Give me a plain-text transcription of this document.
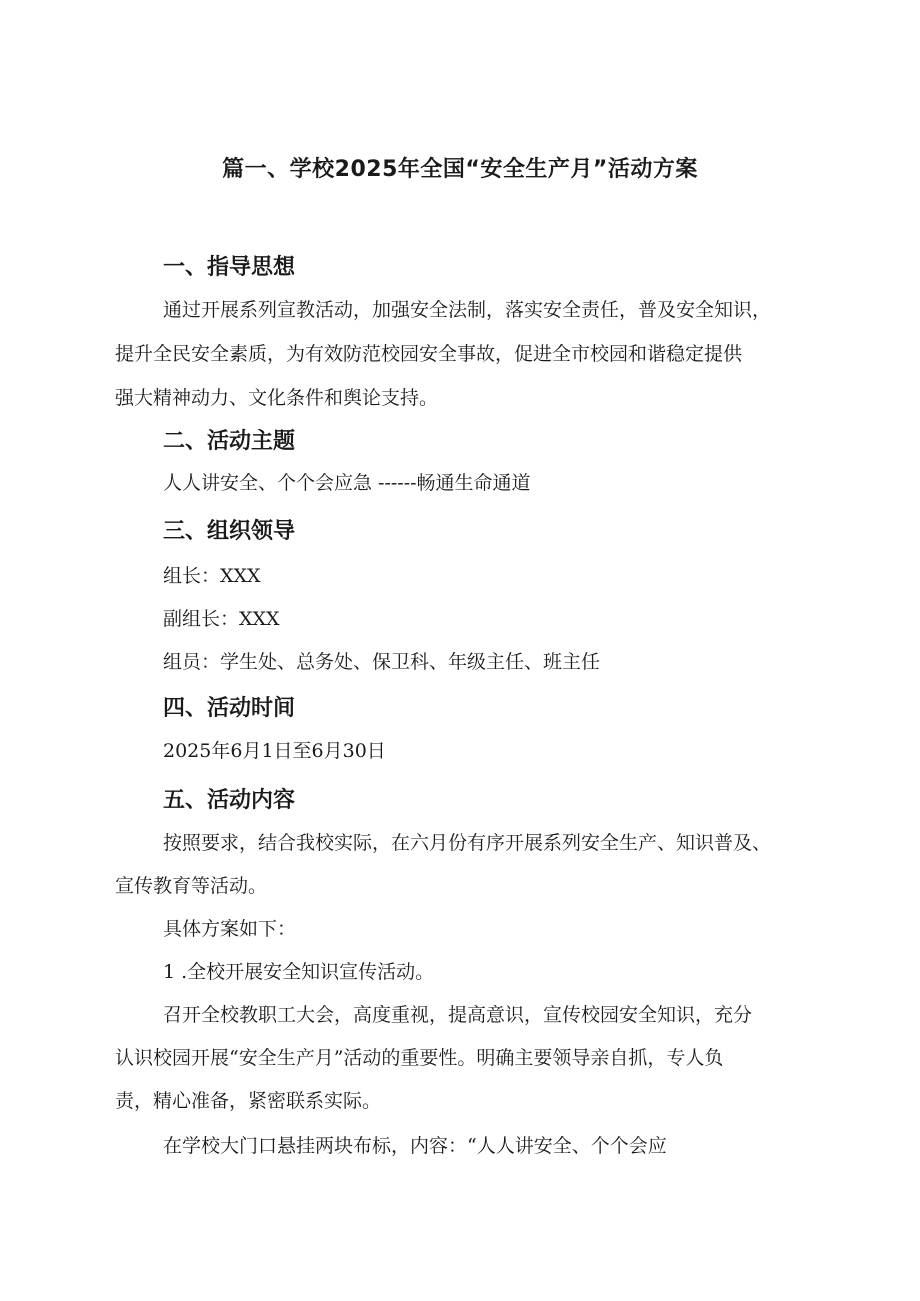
篇一、学校2025年全国“安全生产月”活动方案
一、指导思想
通过开展系列宣教活动，加强安全法制，落实安全责任，普及安全知识，
提升全民安全素质，为有效防范校园安全事故，促进全市校园和谐稳定提供
强大精神动力、文化条件和舆论支持。
二、活动主题
人人讲安全、个个会应急 ------畅通生命通道
三、组织领导
组长：XXX
副组长：XXX
组员：学生处、总务处、保卫科、年级主任、班主任
四、活动时间
2025年6月1日至6月30日
五、活动内容
按照要求，结合我校实际，在六月份有序开展系列安全生产、知识普及、
宣传教育等活动。
具体方案如下：
1 .全校开展安全知识宣传活动。
召开全校教职工大会，高度重视，提高意识，宣传校园安全知识，充分
认识校园开展“安全生产月”活动的重要性。明确主要领导亲自抓，专人负
责，精心准备，紧密联系实际。
在学校大门口悬挂两块布标，内容：“人人讲安全、个个会应
